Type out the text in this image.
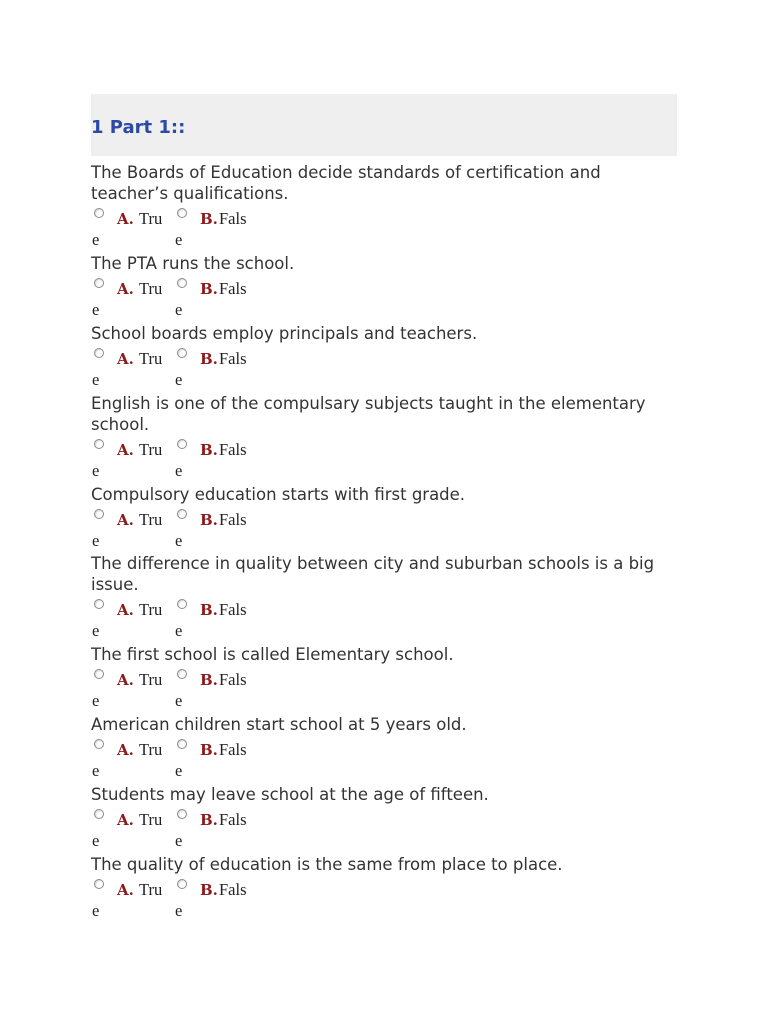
1 Part 1::
The Boards of Education decide standards of certification and teacher’s qualifications.
A. Tru
e
B. Fals
e
The PTA runs the school.
A. Tru
e
B. Fals
e
School boards employ principals and teachers.
A. Tru
e
B. Fals
e
English is one of the compulsary subjects taught in the elementary school.
A. Tru
e
B. Fals
e
Compulsory education starts with first grade.
A. Tru
e
B. Fals
e
The difference in quality between city and suburban schools is a big issue.
A. Tru
e
B. Fals
e
The first school is called Elementary school.
A. Tru
e
B. Fals
e
American children start school at 5 years old.
A. Tru
e
B. Fals
e
Students may leave school at the age of fifteen.
A. Tru
e
B. Fals
e
The quality of education is the same from place to place.
A. Tru
e
B. Fals
e
